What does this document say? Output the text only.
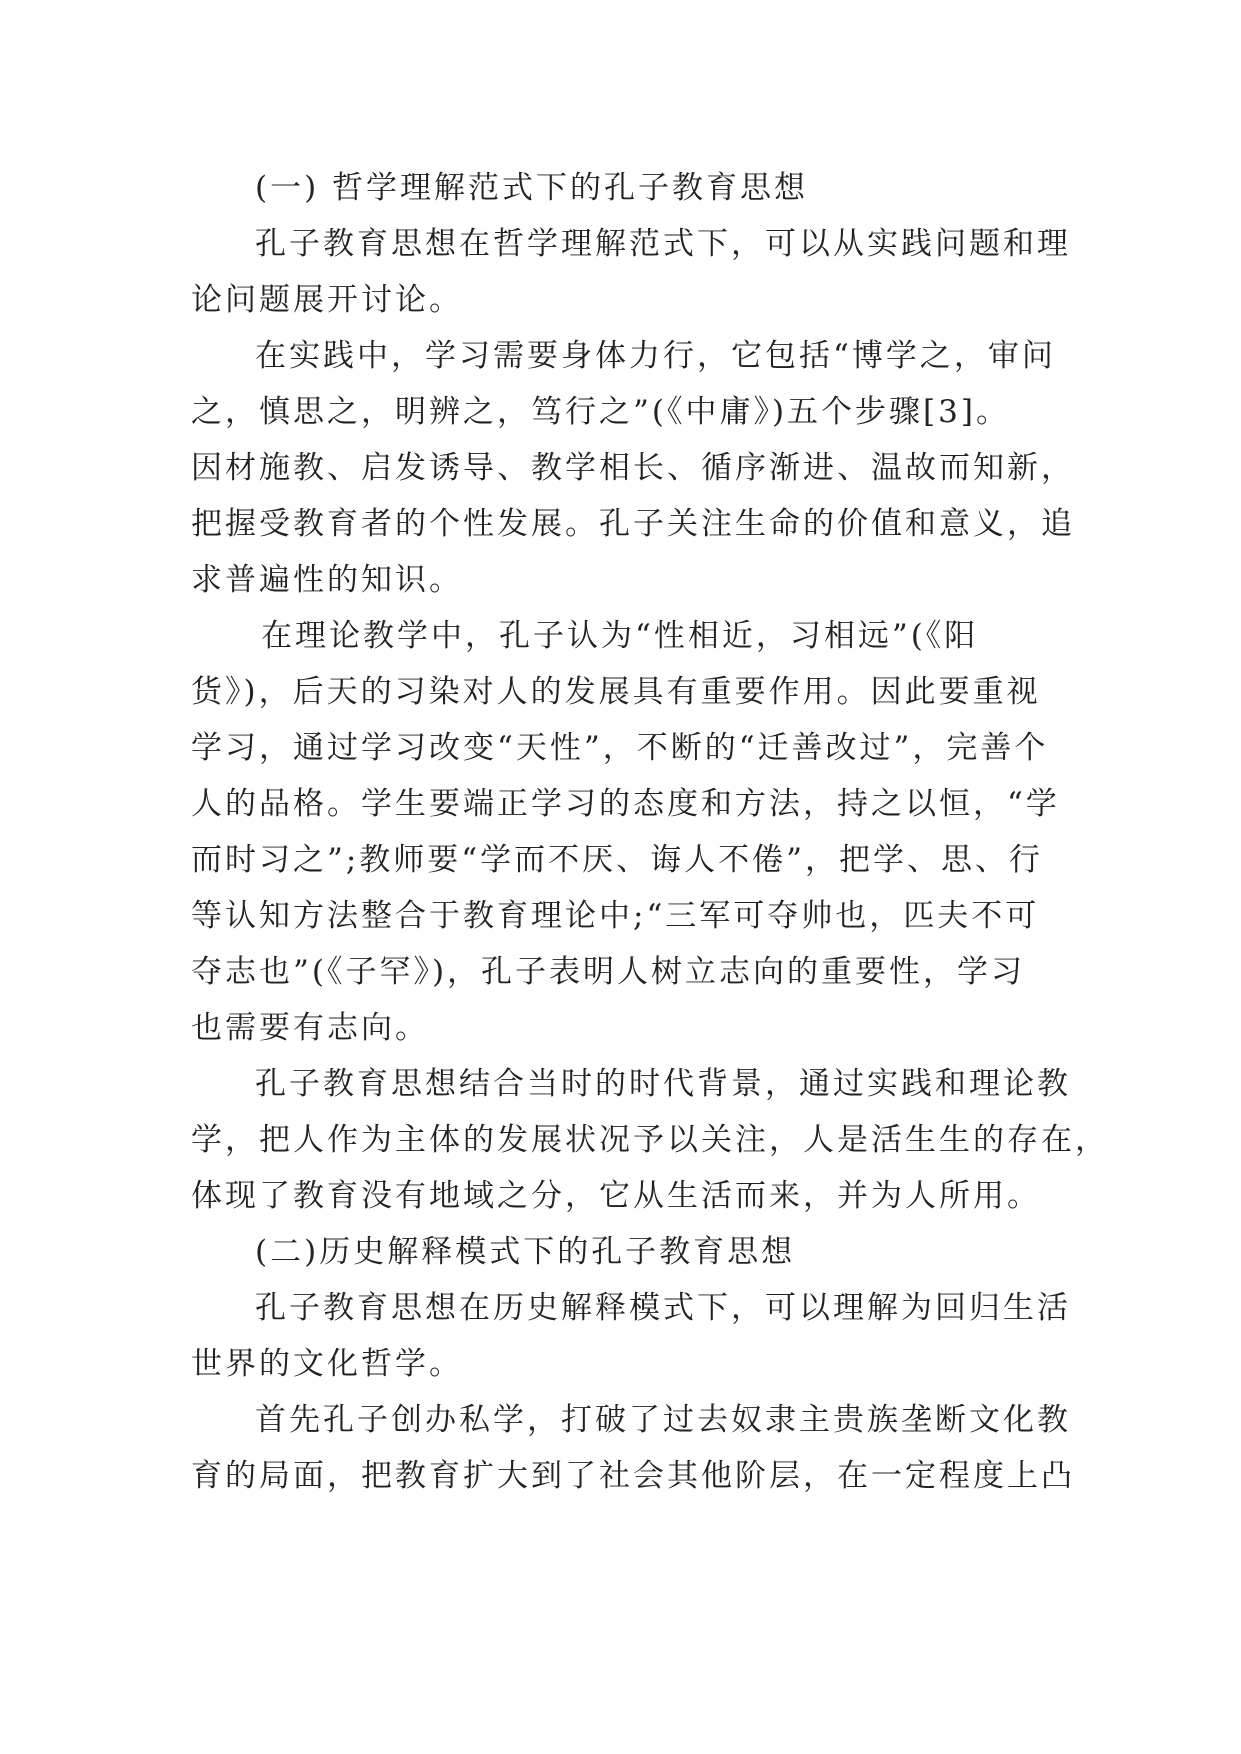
(一) 哲学理解范式下的孔子教育思想
孔子教育思想在哲学理解范式下，可以从实践问题和理
论问题展开讨论。
在实践中，学习需要身体力行，它包括“博学之，审问
之，慎思之，明辨之，笃行之”(《中庸》)五个步骤[3]。
因材施教、启发诱导、教学相长、循序渐进、温故而知新，
把握受教育者的个性发展。孔子关注生命的价值和意义，追
求普遍性的知识。
在理论教学中，孔子认为“性相近，习相远”(《阳
货》)，后天的习染对人的发展具有重要作用。因此要重视
学习，通过学习改变“天性”，不断的“迁善改过”，完善个
人的品格。学生要端正学习的态度和方法，持之以恒，“学
而时习之”;教师要“学而不厌、诲人不倦”，把学、思、行
等认知方法整合于教育理论中;“三军可夺帅也，匹夫不可
夺志也”(《子罕》)，孔子表明人树立志向的重要性，学习
也需要有志向。
孔子教育思想结合当时的时代背景，通过实践和理论教
学，把人作为主体的发展状况予以关注，人是活生生的存在，
体现了教育没有地域之分，它从生活而来，并为人所用。
(二)历史解释模式下的孔子教育思想
孔子教育思想在历史解释模式下，可以理解为回归生活
世界的文化哲学。
首先孔子创办私学，打破了过去奴隶主贵族垄断文化教
育的局面，把教育扩大到了社会其他阶层，在一定程度上凸
